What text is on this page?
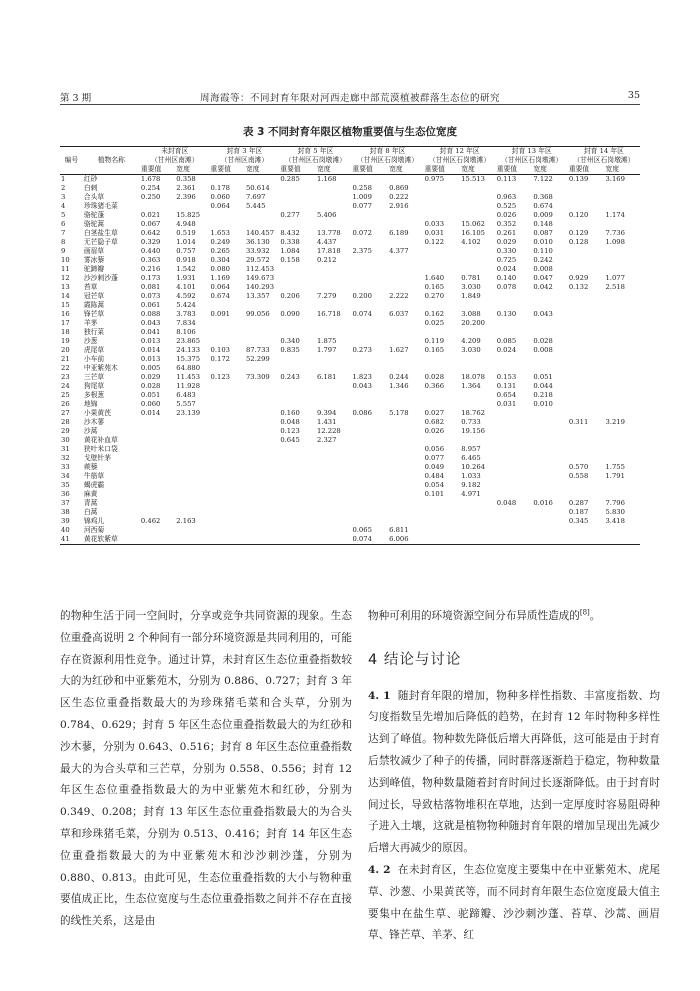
第 3 期	周海霞等：不同封育年限对河西走廊中部荒漠植被群落生态位的研究	35
表 3 不同封育年限区植物重要值与生态位宽度
编号	植物名称	未封育区		封育 3 年区		封育 5 年区		封育 8 年区		封育 12 年区		封育 13 年区		封育 14 年区	
		（甘州区南滩）		（甘州区南滩）		（甘州区石岗墩滩）		（甘州区石岗墩滩）		（甘州区石岗墩滩）		（甘州区石岗墩滩）		（甘州区石岗墩滩）	
		重要值	宽度	重要值	宽度	重要值	宽度	重要值	宽度	重要值	宽度	重要值	宽度	重要值	宽度
1	红砂	1.678	0.358			0.285	1.168			0.975	15.513	0.113	7.122	0.139	3.169
2	白刺	0.254	2.361	0.178	50.614			0.258	0.869						
3	合头草	0.250	2.396	0.060	7.697			1.009	0.222			0.963	0.368		
4	珍珠猪毛菜			0.064	5.445			0.077	2.916			0.525	0.674		
5	骆驼蓬	0.021	15.825			0.277	5.406					0.026	0.009	0.120	1.174
6	骆驼蒿	0.067	4.948							0.033	15.062	0.352	0.148		
7	白茎盐生草	0.642	0.519	1.653	140.457	8.432	13.778	0.072	6.189	0.031	16.105	0.261	0.087	0.129	7.736
8	无芒隐子草	0.329	1.014	0.249	36.130	0.338	4.437			0.122	4.102	0.029	0.010	0.128	1.098
9	画眉草	0.440	0.757	0.265	33.932	1.084	17.818	2.375	4.377			0.330	0.110		
10	雾冰藜	0.363	0.918	0.304	29.572	0.158	0.212					0.725	0.242		
11	驼蹄瓣	0.216	1.542	0.080	112.453							0.024	0.008		
12	沙沙刺沙蓬	0.173	1.931	1.169	149.673					1.640	0.781	0.140	0.047	0.929	1.077
13	苔草	0.081	4.101	0.064	140.293					0.165	3.030	0.078	0.042	0.132	2.518
14	冠芒草	0.073	4.592	0.674	13.357	0.206	7.279	0.200	2.222	0.270	1.849				
15	霞陈蒿	0.061	5.424												
16	锋芒草	0.088	3.783	0.091	99.056	0.090	16.718	0.074	6.037	0.162	3.088	0.130	0.043		
17	羊茅	0.043	7.834							0.025	20.200				
18	独行菜	0.041	8.106												
19	沙葱	0.013	23.865			0.340	1.875			0.119	4.209	0.085	0.028		
20	虎尾草	0.014	24.133	0.103	87.733	0.835	1.797	0.273	1.627	0.165	3.030	0.024	0.008		
21	小车前	0.013	15.375	0.172	52.299										
22	中亚紫苑木	0.005	64.880												
23	三芒草	0.029	11.453	0.123	73.309	0.243	6.181	1.823	0.244	0.028	18.078	0.153	0.051		
24	狗尾草	0.028	11.928					0.043	1.346	0.366	1.364	0.131	0.044		
25	多根葱	0.051	6.483									0.654	0.218		
26	地锦	0.060	5.557									0.031	0.010		
27	小果黄芪	0.014	23.139			0.160	9.394	0.086	5.178	0.027	18.762				
28	沙木蓼					0.048	1.431			0.682	0.733			0.311	3.219
29	沙蒿					0.123	12.228			0.026	19.156				
30	黄花补血草					0.645	2.327								
31	狭叶米口袋									0.056	8.957				
32	戈壁针茅									0.077	6.465				
33	蒺藜									0.049	10.264			0.570	1.755
34	牛筋草									0.484	1.033			0.558	1.791
35	蝎虎霸									0.054	9.182				
36	麻黄									0.101	4.971				
37	青蒿											0.048	0.016	0.287	7.796
38	白蒿													0.187	5.830
39	锦鸡儿	0.462	2.163											0.345	3.418
40	河西菊							0.065	6.811						
41	黄花软紫草							0.074	6.006						

的物种生活于同一空间时，分享或竞争共同资源的现象。生态位重叠高说明 2 个种间有一部分环境资源是共同利用的，可能存在资源利用性竞争。通过计算，未封育区生态位重叠指数较大的为红砂和中亚紫苑木，分别为 0.886、0.727；封育 3 年区生态位重叠指数最大的为珍珠猪毛菜和合头草，分别为 0.784、0.629；封育 5 年区生态位重叠指数最大的为红砂和沙木蓼，分别为 0.643、0.516；封育 8 年区生态位重叠指数最大的为合头草和三芒草，分别为 0.558、0.556；封育 12 年区生态位重叠指数最大的为中亚紫苑木和红砂，分别为 0.349、0.208；封育 13 年区生态位重叠指数最大的为合头草和珍珠猪毛菜，分别为 0.513、0.416；封育 14 年区生态位重叠指数最大的为中亚紫苑木和沙沙刺沙蓬，分别为 0.880、0.813。由此可见，生态位重叠指数的大小与物种重要值成正比，生态位宽度与生态位重叠指数之间并不存在直接的线性关系，这是由

物种可利用的环境资源空间分布异质性造成的[8]。

4 结论与讨论

4. 1 随封育年限的增加，物种多样性指数、丰富度指数、均匀度指数呈先增加后降低的趋势，在封育 12 年时物种多样性达到了峰值。物种数先降低后增大再降低，这可能是由于封育后禁牧减少了种子的传播，同时群落逐渐趋于稳定，物种数量达到峰值，物种数量随着封育时间过长逐渐降低。由于封育时间过长，导致枯落物堆积在草地，达到一定厚度时容易阻碍种子进入土壤，这就是植物物种随封育年限的增加呈现出先减少后增大再减少的原因。

4. 2 在未封育区，生态位宽度主要集中在中亚紫苑木、虎尾草、沙葱、小果黄芪等，而不同封育年限生态位宽度最大值主要集中在盐生草、驼蹄瓣、沙沙刺沙蓬、苔草、沙蒿、画眉草、锋芒草、羊茅、红
